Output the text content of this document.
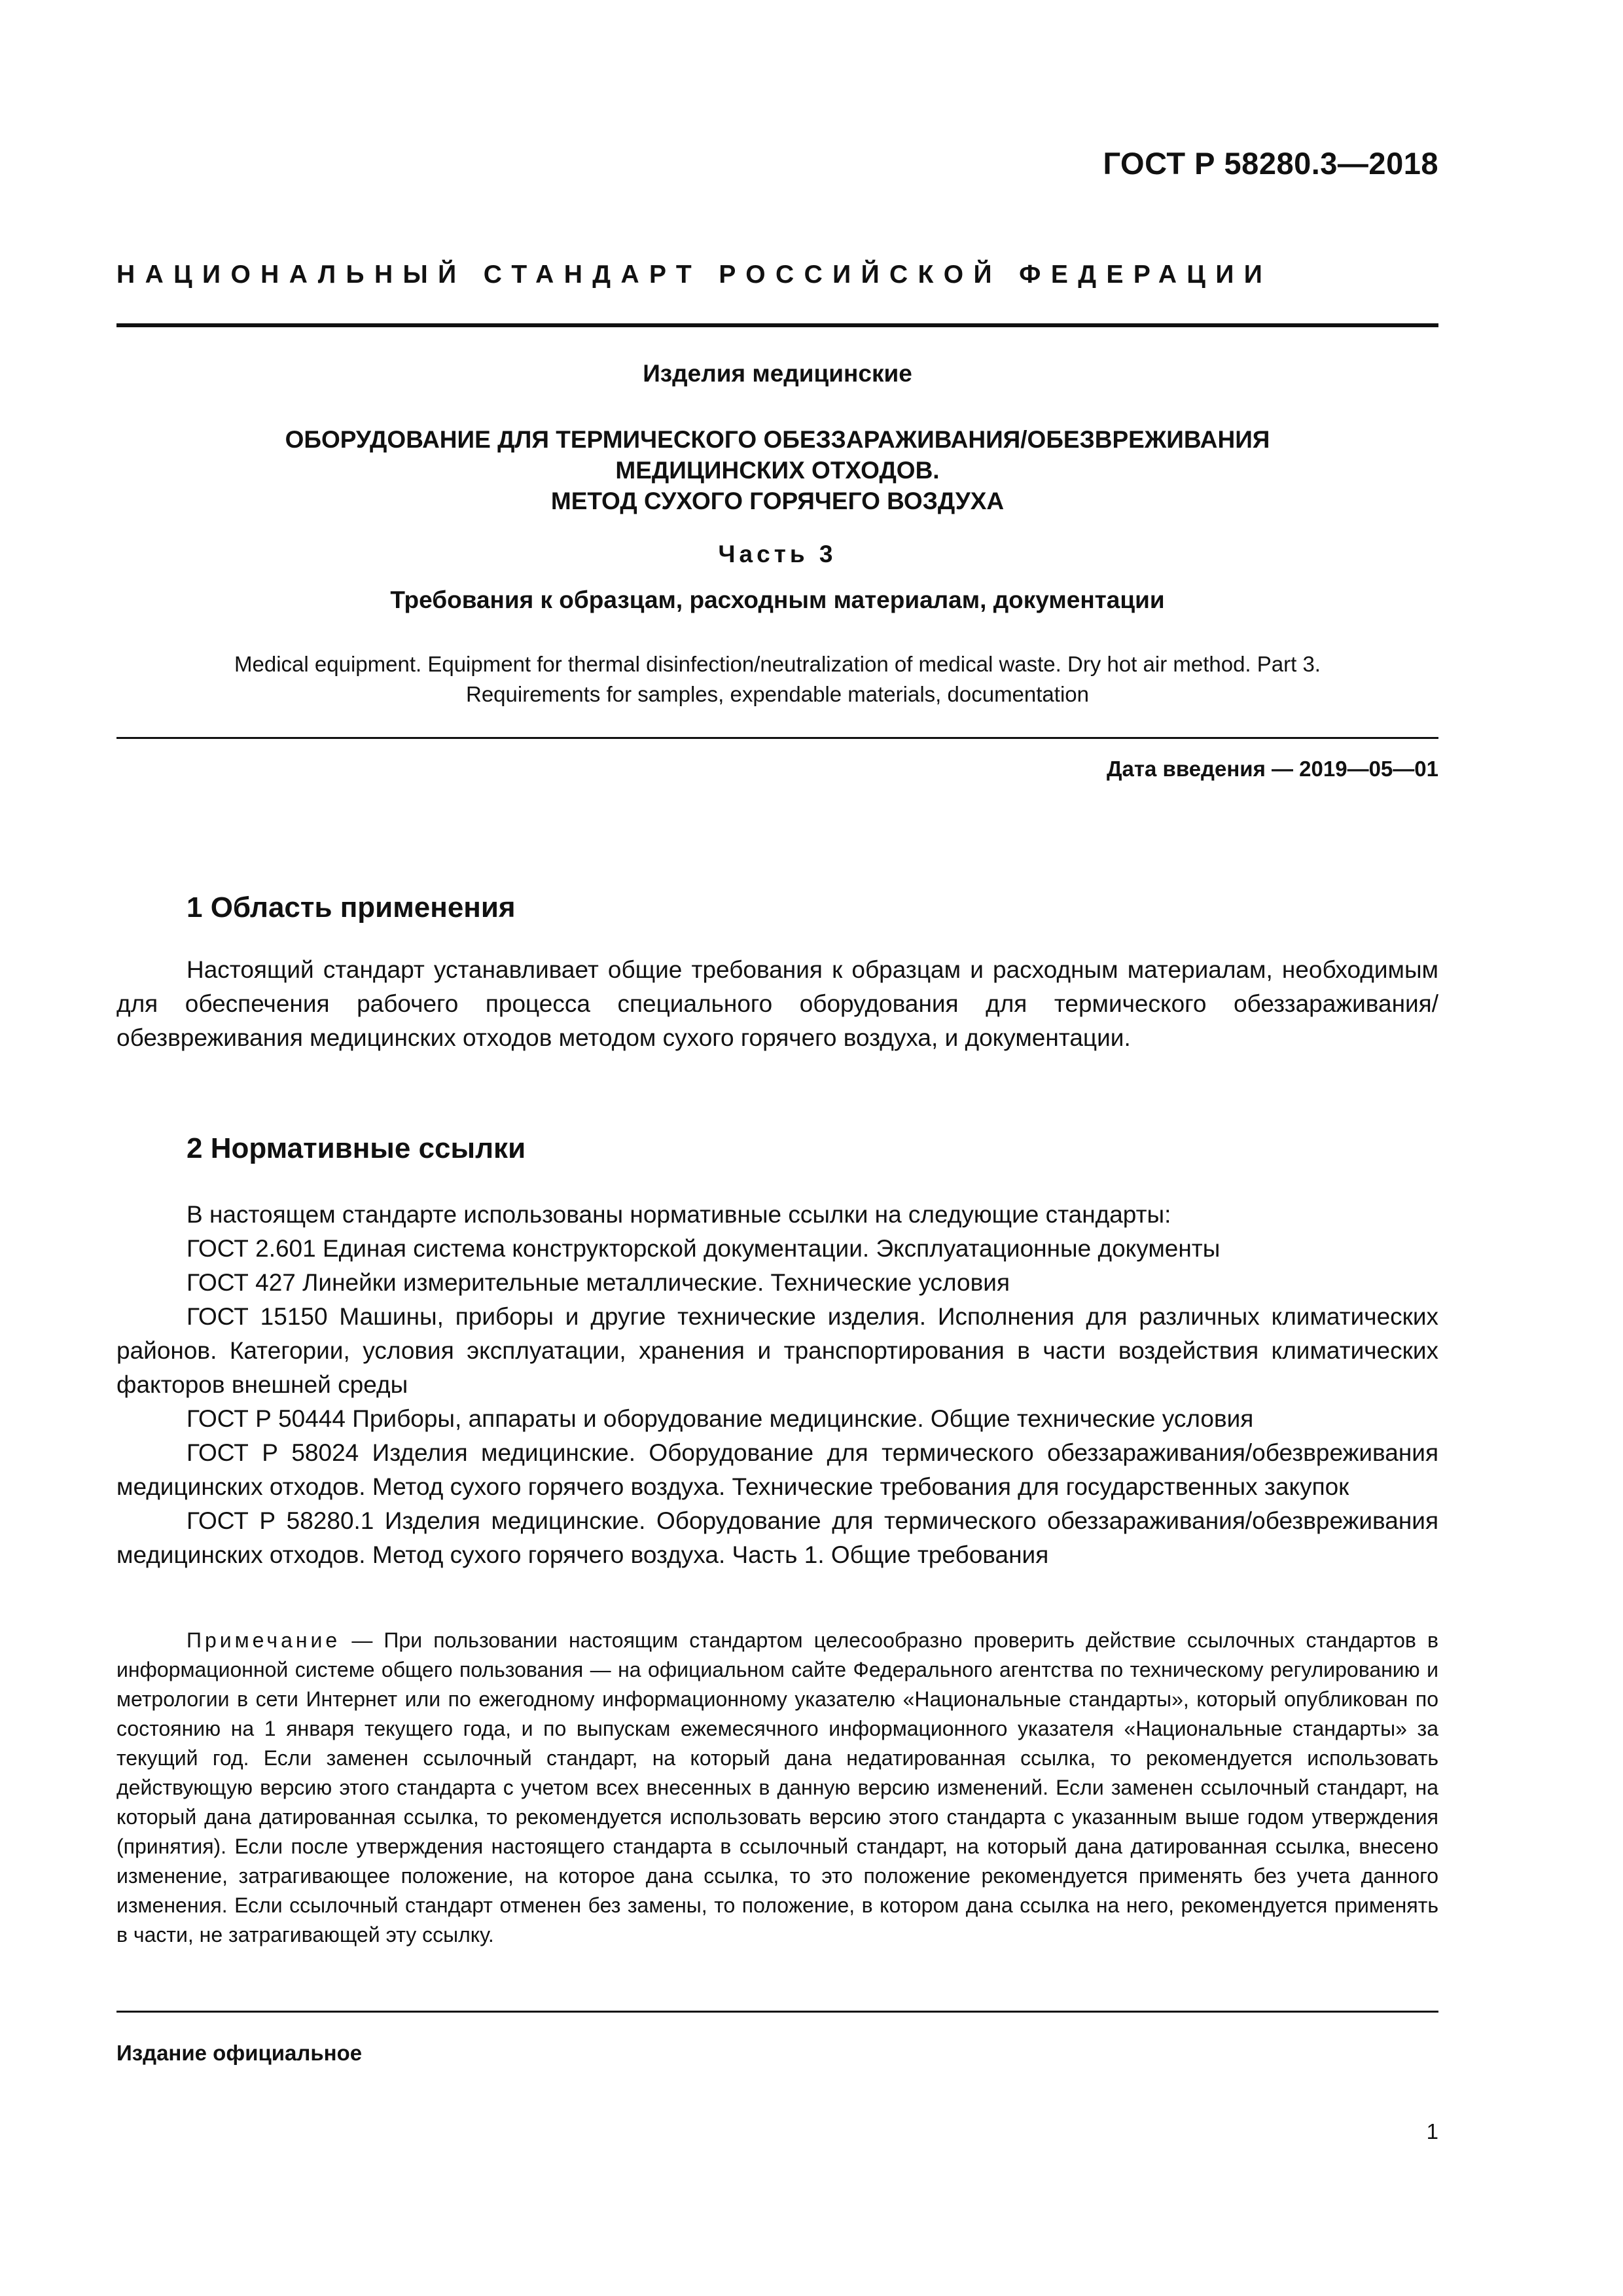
ГОСТ Р 58280.3—2018
НАЦИОНАЛЬНЫЙ СТАНДАРТ РОССИЙСКОЙ ФЕДЕРАЦИИ
Изделия медицинские
ОБОРУДОВАНИЕ ДЛЯ ТЕРМИЧЕСКОГО ОБЕЗЗАРАЖИВАНИЯ/ОБЕЗВРЕЖИВАНИЯ
МЕДИЦИНСКИХ ОТХОДОВ.
МЕТОД СУХОГО ГОРЯЧЕГО ВОЗДУХА
Часть 3
Требования к образцам, расходным материалам, документации
Medical equipment. Equipment for thermal disinfection/neutralization of medical waste. Dry hot air method. Part 3.
Requirements for samples, expendable materials, documentation
Дата введения — 2019—05—01
1 Область применения

Настоящий стандарт устанавливает общие требования к образцам и расходным материалам, необходимым для обеспечения рабочего процесса специального оборудования для термического обеззараживания/обезвреживания медицинских отходов методом сухого горячего воздуха, и документации.

2 Нормативные ссылки

В настоящем стандарте использованы нормативные ссылки на следующие стандарты:

ГОСТ 2.601 Единая система конструкторской документации. Эксплуатационные документы

ГОСТ 427 Линейки измерительные металлические. Технические условия

ГОСТ 15150 Машины, приборы и другие технические изделия. Исполнения для различных климатических районов. Категории, условия эксплуатации, хранения и транспортирования в части воздействия климатических факторов внешней среды

ГОСТ Р 50444 Приборы, аппараты и оборудование медицинские. Общие технические условия

ГОСТ Р 58024 Изделия медицинские. Оборудование для термического обеззараживания/обезвреживания медицинских отходов. Метод сухого горячего воздуха. Технические требования для государственных закупок

ГОСТ Р 58280.1 Изделия медицинские. Оборудование для термического обеззараживания/обезвреживания медицинских отходов. Метод сухого горячего воздуха. Часть 1. Общие требования

Примечание — При пользовании настоящим стандартом целесообразно проверить действие ссылочных стандартов в информационной системе общего пользования — на официальном сайте Федерального агентства по техническому регулированию и метрологии в сети Интернет или по ежегодному информационному указателю «Национальные стандарты», который опубликован по состоянию на 1 января текущего года, и по выпускам ежемесячного информационного указателя «Национальные стандарты» за текущий год. Если заменен ссылочный стандарт, на который дана недатированная ссылка, то рекомендуется использовать действующую версию этого стандарта с учетом всех внесенных в данную версию изменений. Если заменен ссылочный стандарт, на который дана датированная ссылка, то рекомендуется использовать версию этого стандарта с указанным выше годом утверждения (принятия). Если после утверждения настоящего стандарта в ссылочный стандарт, на который дана датированная ссылка, внесено изменение, затрагивающее положение, на которое дана ссылка, то это положение рекомендуется применять без учета данного изменения. Если ссылочный стандарт отменен без замены, то положение, в котором дана ссылка на него, рекомендуется применять в части, не затрагивающей эту ссылку.

Издание официальное
1
